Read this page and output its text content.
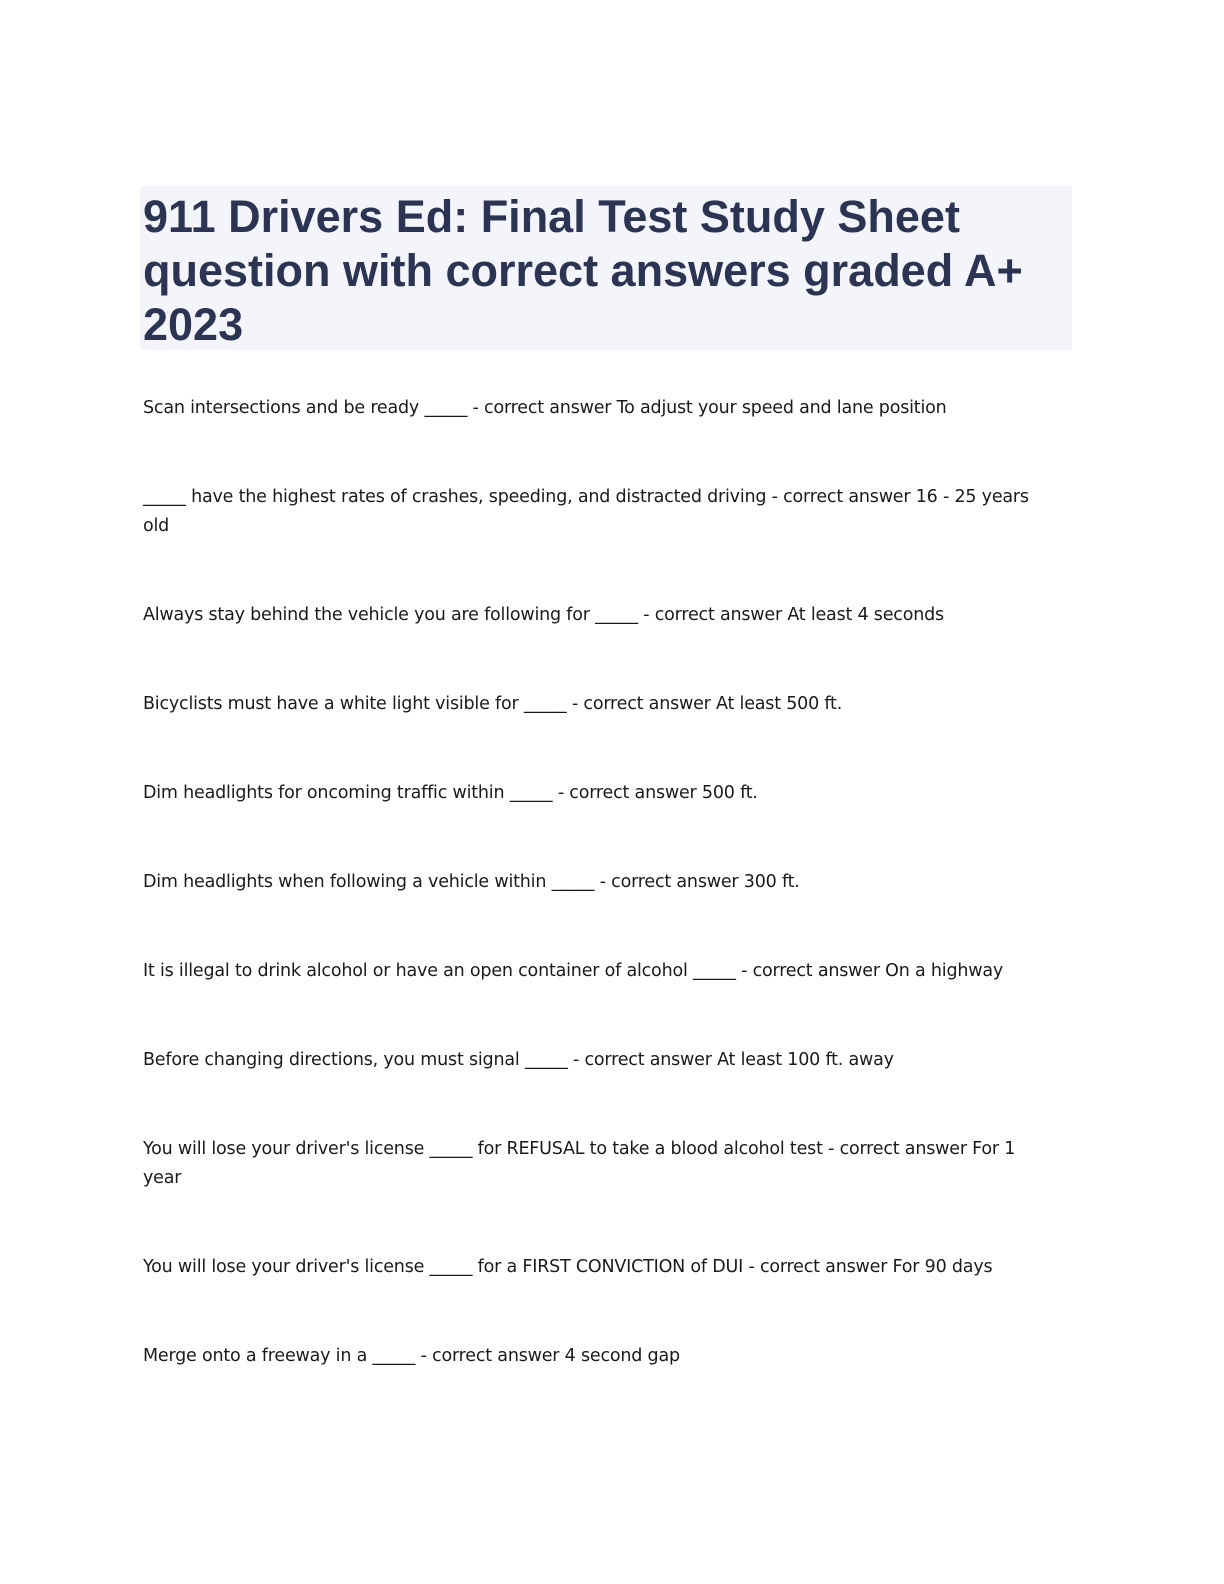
911 Drivers Ed: Final Test Study Sheet question with correct answers graded A+ 2023
Scan intersections and be ready _____ - correct answer To adjust your speed and lane position
_____ have the highest rates of crashes, speeding, and distracted driving - correct answer 16 - 25 years old
Always stay behind the vehicle you are following for _____ - correct answer At least 4 seconds
Bicyclists must have a white light visible for _____ - correct answer At least 500 ft.
Dim headlights for oncoming traffic within _____ - correct answer 500 ft.
Dim headlights when following a vehicle within _____ - correct answer 300 ft.
It is illegal to drink alcohol or have an open container of alcohol _____ - correct answer On a highway
Before changing directions, you must signal _____ - correct answer At least 100 ft. away
You will lose your driver's license _____ for REFUSAL to take a blood alcohol test - correct answer For 1 year
You will lose your driver's license _____ for a FIRST CONVICTION of DUI - correct answer For 90 days
Merge onto a freeway in a _____ - correct answer 4 second gap
